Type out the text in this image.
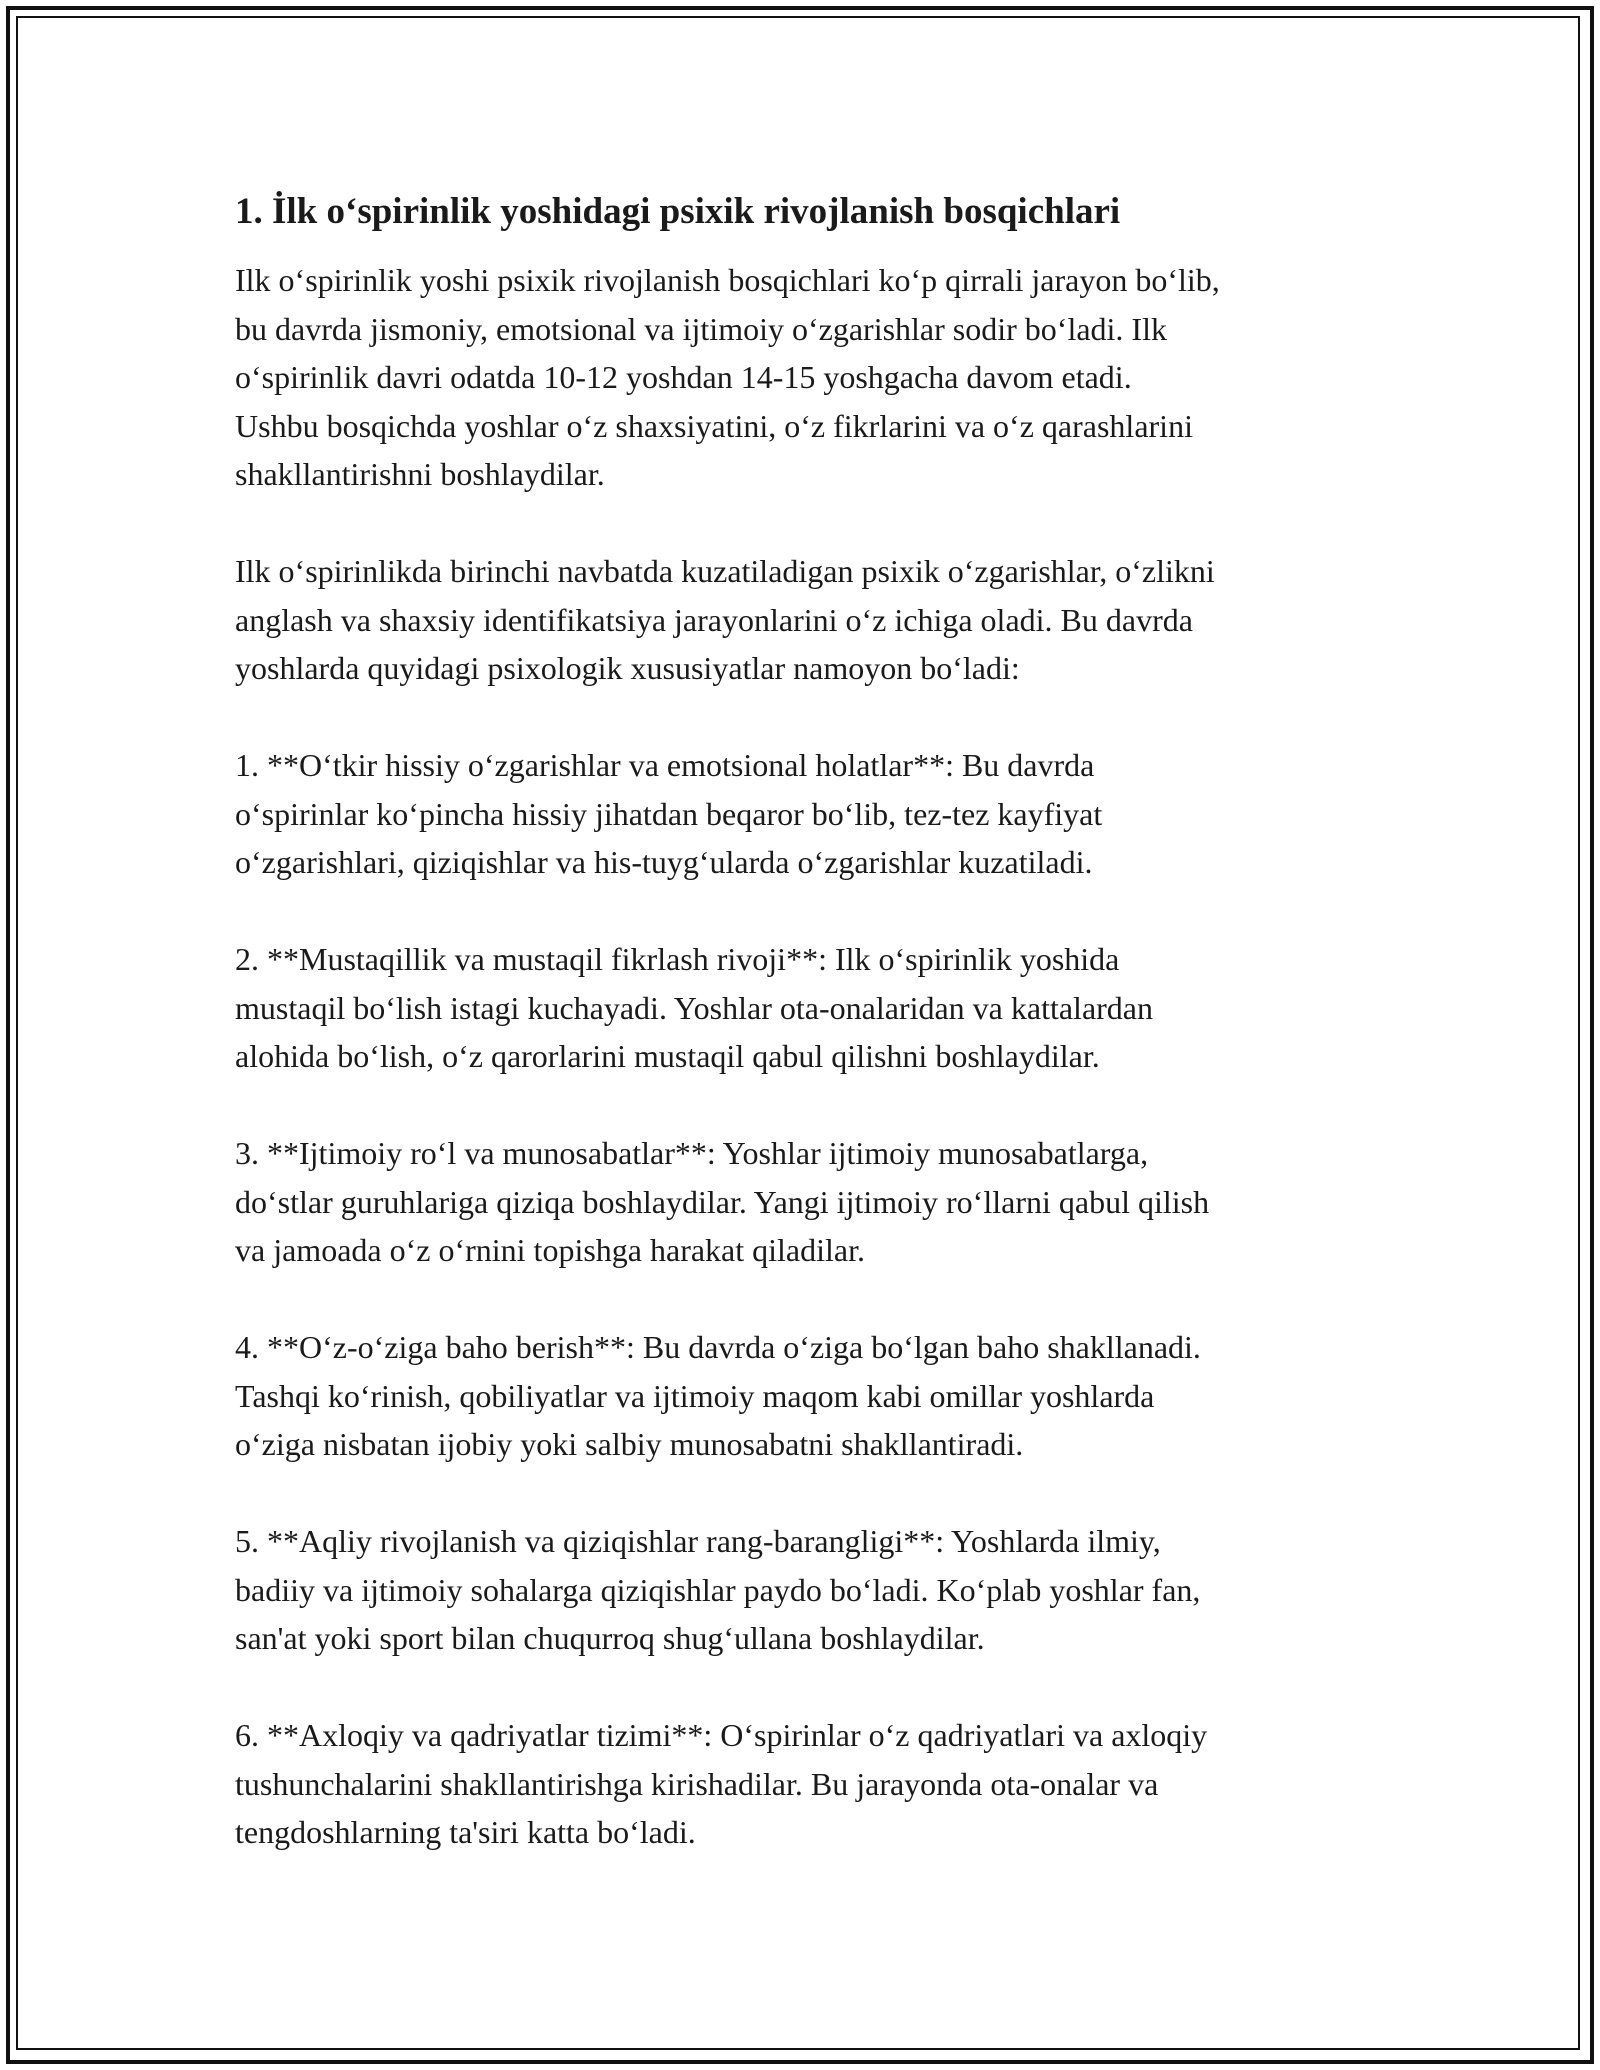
1. İlk oʻspirinlik yoshidagi psixik rivojlanish bosqichlari

Ilk oʻspirinlik yoshi psixik rivojlanish bosqichlari koʻp qirrali jarayon boʻlib,
bu davrda jismoniy, emotsional va ijtimoiy oʻzgarishlar sodir boʻladi. Ilk
oʻspirinlik davri odatda 10-12 yoshdan 14-15 yoshgacha davom etadi.
Ushbu bosqichda yoshlar oʻz shaxsiyatini, oʻz fikrlarini va oʻz qarashlarini
shakllantirishni boshlaydilar.

Ilk oʻspirinlikda birinchi navbatda kuzatiladigan psixik oʻzgarishlar, oʻzlikni
anglash va shaxsiy identifikatsiya jarayonlarini oʻz ichiga oladi. Bu davrda
yoshlarda quyidagi psixologik xususiyatlar namoyon boʻladi:

1. **Oʻtkir hissiy oʻzgarishlar va emotsional holatlar**: Bu davrda
oʻspirinlar koʻpincha hissiy jihatdan beqaror boʻlib, tez-tez kayfiyat
oʻzgarishlari, qiziqishlar va his-tuygʻularda oʻzgarishlar kuzatiladi.

2. **Mustaqillik va mustaqil fikrlash rivoji**: Ilk oʻspirinlik yoshida
mustaqil boʻlish istagi kuchayadi. Yoshlar ota-onalaridan va kattalardan
alohida boʻlish, oʻz qarorlarini mustaqil qabul qilishni boshlaydilar.

3. **Ijtimoiy roʻl va munosabatlar**: Yoshlar ijtimoiy munosabatlarga,
doʻstlar guruhlariga qiziqa boshlaydilar. Yangi ijtimoiy roʻllarni qabul qilish
va jamoada oʻz oʻrnini topishga harakat qiladilar.

4. **Oʻz-oʻziga baho berish**: Bu davrda oʻziga boʻlgan baho shakllanadi.
Tashqi koʻrinish, qobiliyatlar va ijtimoiy maqom kabi omillar yoshlarda
oʻziga nisbatan ijobiy yoki salbiy munosabatni shakllantiradi.

5. **Aqliy rivojlanish va qiziqishlar rang-barangligi**: Yoshlarda ilmiy,
badiiy va ijtimoiy sohalarga qiziqishlar paydo boʻladi. Koʻplab yoshlar fan,
san'at yoki sport bilan chuqurroq shugʻullana boshlaydilar.

6. **Axloqiy va qadriyatlar tizimi**: Oʻspirinlar oʻz qadriyatlari va axloqiy
tushunchalarini shakllantirishga kirishadilar. Bu jarayonda ota-onalar va
tengdoshlarning ta'siri katta boʻladi.
